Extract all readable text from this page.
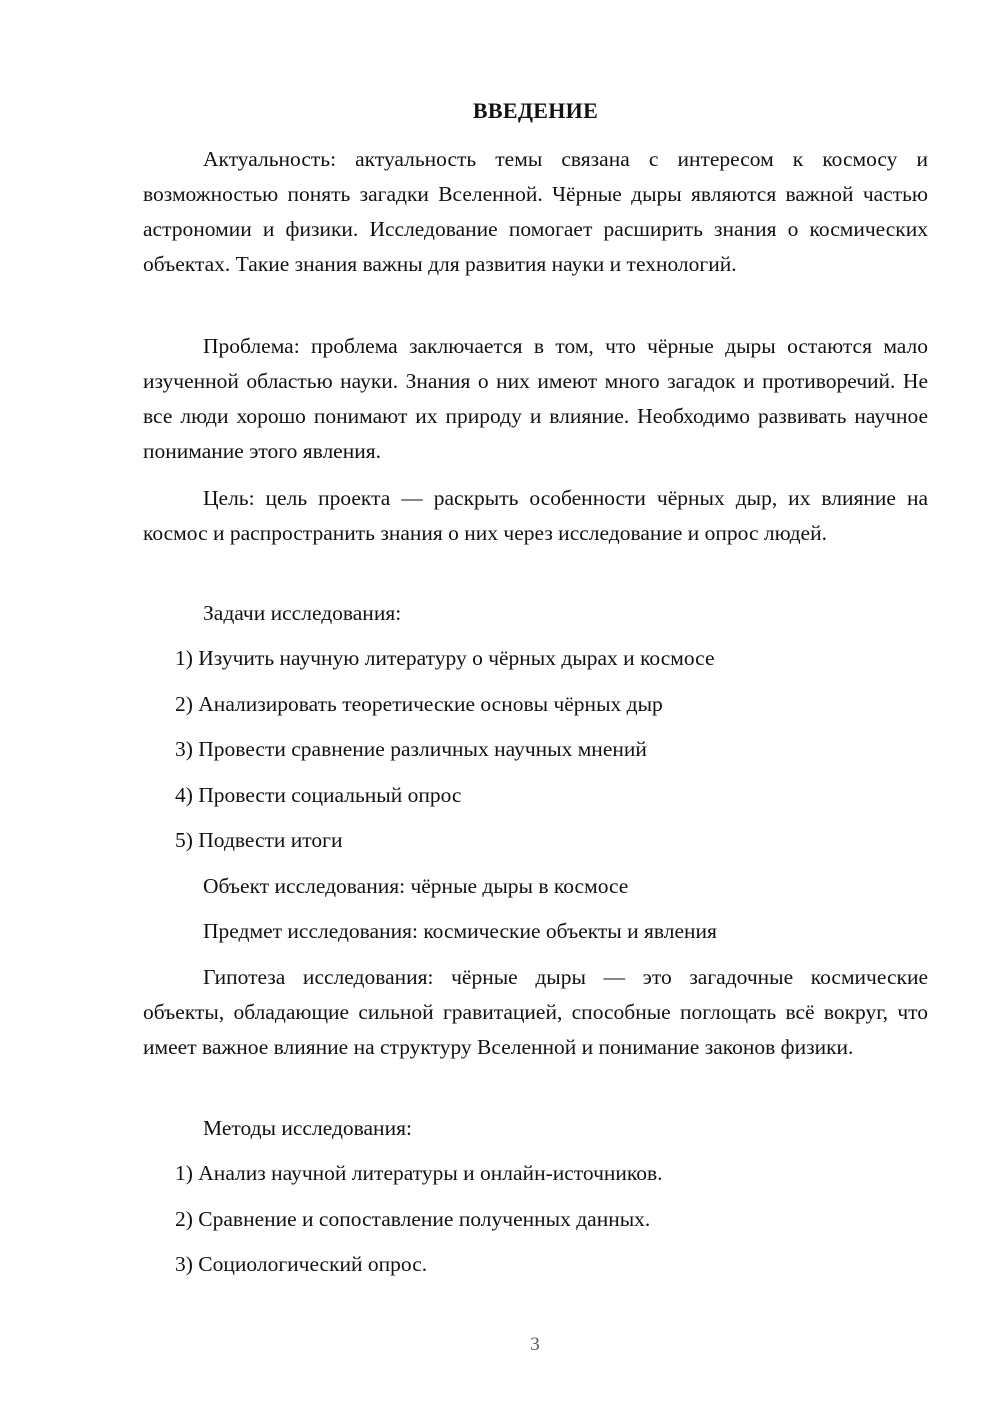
ВВЕДЕНИЕ

Актуальность: актуальность темы связана с интересом к космосу и возможностью понять загадки Вселенной. Чёрные дыры являются важной частью астрономии и физики. Исследование помогает расширить знания о космических объектах. Такие знания важны для развития науки и технологий.

Проблема: проблема заключается в том, что чёрные дыры остаются мало изученной областью науки. Знания о них имеют много загадок и противоречий. Не все люди хорошо понимают их природу и влияние. Необходимо развивать научное понимание этого явления.

Цель: цель проекта — раскрыть особенности чёрных дыр, их влияние на космос и распространить знания о них через исследование и опрос людей.

Задачи исследования:

1) Изучить научную литературу о чёрных дырах и космосе

2) Анализировать теоретические основы чёрных дыр

3) Провести сравнение различных научных мнений

4) Провести социальный опрос

5) Подвести итоги

Объект исследования: чёрные дыры в космосе

Предмет исследования: космические объекты и явления

Гипотеза исследования: чёрные дыры — это загадочные космические объекты, обладающие сильной гравитацией, способные поглощать всё вокруг, что имеет важное влияние на структуру Вселенной и понимание законов физики.

Методы исследования:

1) Анализ научной литературы и онлайн-источников.

2) Сравнение и сопоставление полученных данных.

3) Социологический опрос.

3
